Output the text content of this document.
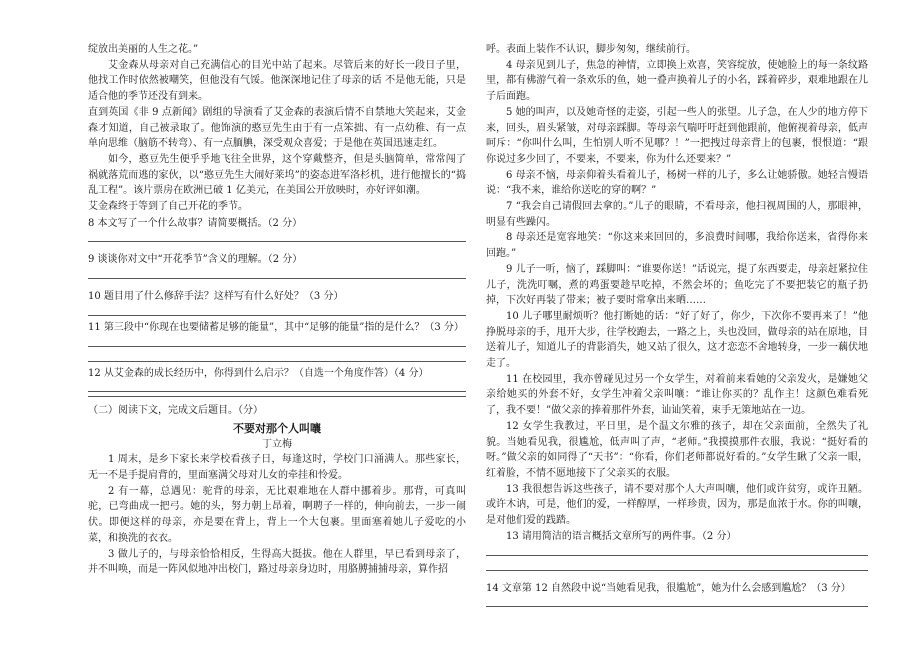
绽放出美丽的人生之花。”

艾金森从母亲对自己充满信心的目光中站了起来。尽管后来的好长一段日子里，他找工作时依然被嘲笑，但他没有气馁。他深深地记住了母亲的话 不是他无能，只是适合他的季节还没有到来。

直到英国《非 9 点新闻》剧组的导演看了艾金森的表演后情不自禁地大笑起来，艾金森才知道，自己被录取了。他饰演的憨豆先生由于有一点笨拙、有一点幼稚、有一点单向思维（脑筋不转弯）、有一点腼腆，深受观众喜爱；于是他在英国迅速走红。

如今，憨豆先生便乎乎地飞往全世界，这个穿戴整齐，但是头脑简单，常常闯了祸就落荒而逃的家伙，以“憨豆先生大闹好莱坞”的姿态进军洛杉机，进行他擅长的“捣乱工程”。该片票房在欧洲已破 1 亿美元，在美国公开放映时，亦好评如潮。

艾金森终于等到了自己开花的季节。

8 本文写了一个什么故事？请简要概括。（2 分）

9 谈谈你对文中“开花季节”含义的理解。（2 分）

10 题目用了什么修辞手法？这样写有什么好处？（3 分）

11 第三段中“你现在也要储蓄足够的能量”，其中“足够的能量”指的是什么？（3 分）

12 从艾金森的成长经历中，你得到什么启示？（自选一个角度作答）（4 分）

（二）阅读下文，完成文后题目。（分）

不要对那个人叫嚷

丁立梅

1 周末，是乡下家长来学校看孩子日，每逢这时，学校门口涌满人。那些家长，无一不是手提肩背的，里面塞满父母对儿女的牵挂和怜爱。

2 有一幕，总遇见：驼背的母亲，无比艰难地在人群中挪着步。那背，可真叫驼，已弯曲成一把弓。她的头，努力朝上昂着，啊聘子一样的，伸向前去，一步一闹伏。即便这样的母亲，亦是要在背上，背上一个大包裹。里面塞着她儿子爱吃的小菜，和换洗的衣衣。

3 做儿子的，与母亲恰恰相反，生得高大挺拔。他在人群里，早已看到母亲了，并不叫唤，而是一阵风似地冲出校门，路过母亲身边时，用胳膊捕捕母亲，算作招

呼。表面上装作不认识，脚步匆匆，继续前行。

4 母亲见到儿子，焦急的神情，立即换上欢喜，笑容绽放，使她脸上的每一条纹路里，都有佛游气着一条欢乐的鱼，她一叠声换着儿子的小名，踩着碎步，艰难地跟在儿子后面跑。

5 她的叫声，以及她奇怪的走姿，引起一些人的张望。儿子急，在人少的地方停下来，回头，眉头紧皱，对母亲踩脚。等母亲气喘吁吁赶到他跟前，他俯视着母亲，低声呵斥：“你叫什么叫，生怕别人听不见哪？！”一把拽过母亲背上的包裹，恨恨道：“跟你说过多少回了，不要来，不要来，你为什么还要来？”

6 母亲不恼，母亲仰着头看着儿子，杨树一样的儿子，多么让她骄傲。她轻言慢语说：“我不来，谁给你送吃的穿的啊？”

7 “我会自己请假回去拿的。”儿子的眼睛，不看母亲，他扫视周围的人，那眼神，明显有些躁闪。

8 母亲还是宽容地笑：“你这来来回回的，多浪费时间哪，我给你送来，省得你来回跑。”

9 儿子一听，恼了，踩脚叫：“谁要你送！”话说完，提了东西要走，母亲赶紧拉住儿子，洗洗叮嘱，煮的鸡蛋要趁早吃掉，不然会坏的；鱼吃完了不要把装它的瓶子扔掉，下次好再装了带来；被子要时常拿出来晒……

10 儿子哪里耐烦听？他打断她的话：“好了好了，你少，下次你不要再来了！”他挣脱母亲的手，甩开大步，往学校跑去，一路之上，头也没回，做母亲的站在原地，目送着儿子，知道儿子的背影消失，她又站了很久，这才恋恋不舍地转身，一步一藕伏地走了。

11 在校园里，我亦曾碰见过另一个女学生，对着前来看她的父亲发火，是嫌她父亲给她买的外套不好，女学生冲着父亲叫嚷：“谁让你买的？乱作主！这颜色难看死了，我不要！”做父亲的捧着那件外套，讪讪笑着，束手无策地站在一边。

12 女学生我教过，平日里，是个温文尔雅的孩子，却在父亲面前，全然失了礼貌。当她看见我，很尴尬，低声叫了声，“老师。”我摸摸那件衣服，我说：“挺好看的呀。”做父亲的如同得了“天书”：“你看，你们老师都说好看的。”女学生瞅了父亲一眼，红着脸，不情不愿地接下了父亲买的衣服。

13 我很想告诉这些孩子，请不要对那个人大声叫嚷，他们或许贫穷，或许丑陋。或许木讷，可是，他们的爱，一样醇厚，一样珍贵，因为，那是血浓于水。你的叫嚷，是对他们爱的践踏。

13 请用简洁的语言概括文章所写的两件事。（2 分）

14 文章第 12 自然段中说“当她看见我，很尴尬”，她为什么会感到尴尬？（3 分）
